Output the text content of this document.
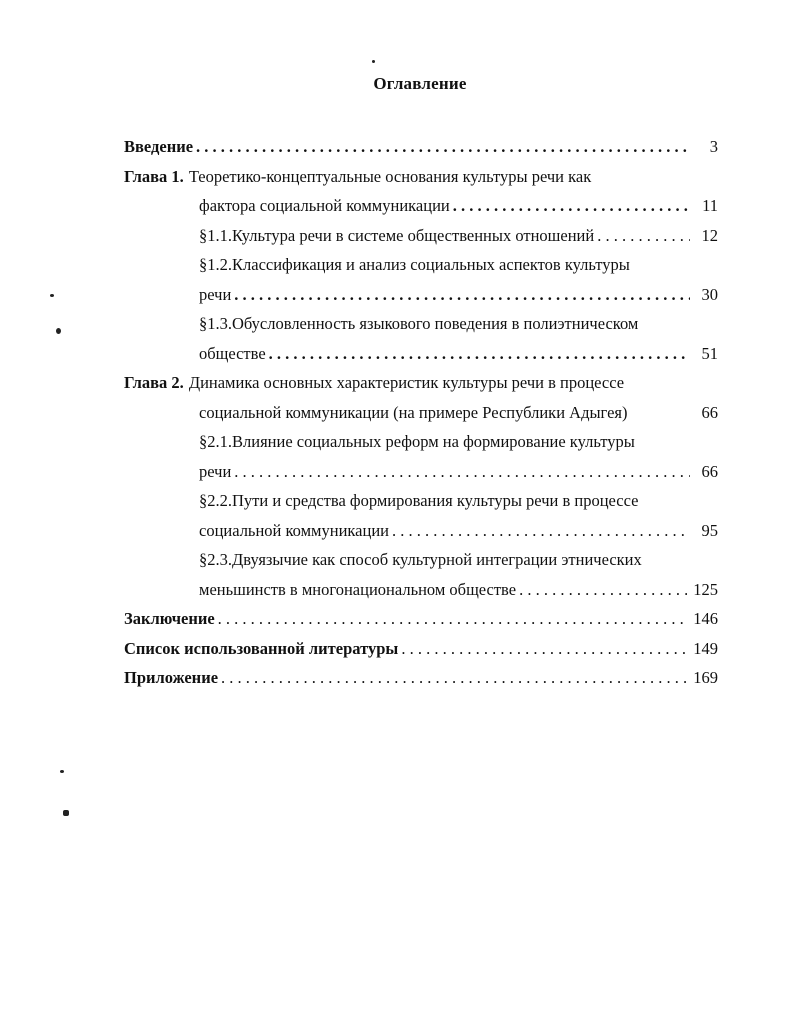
Оглавление
Введение . . .	3
Глава 1. Теоретико-концептуальные основания культуры речи как
фактора социальной коммуникации . . .	11
§1.1.Культура речи в системе общественных отношений . . .	12
§1.2.Классификация и анализ социальных аспектов культуры
речи . . .	30
§1.3.Обусловленность языкового поведения в полиэтническом
обществе . . .	51
Глава 2. Динамика основных характеристик культуры речи в процессе
социальной коммуникации (на примере Республики Адыгея)	66
§2.1.Влияние социальных реформ на формирование культуры
речи . . .	66
§2.2.Пути и средства формирования культуры речи в процессе
социальной коммуникации . . .	95
§2.3.Двуязычие как способ культурной интеграции этнических
меньшинств в многонациональном обществе . . .	125
Заключение . . .	146
Список использованной литературы . . .	149
Приложение . . .	169
